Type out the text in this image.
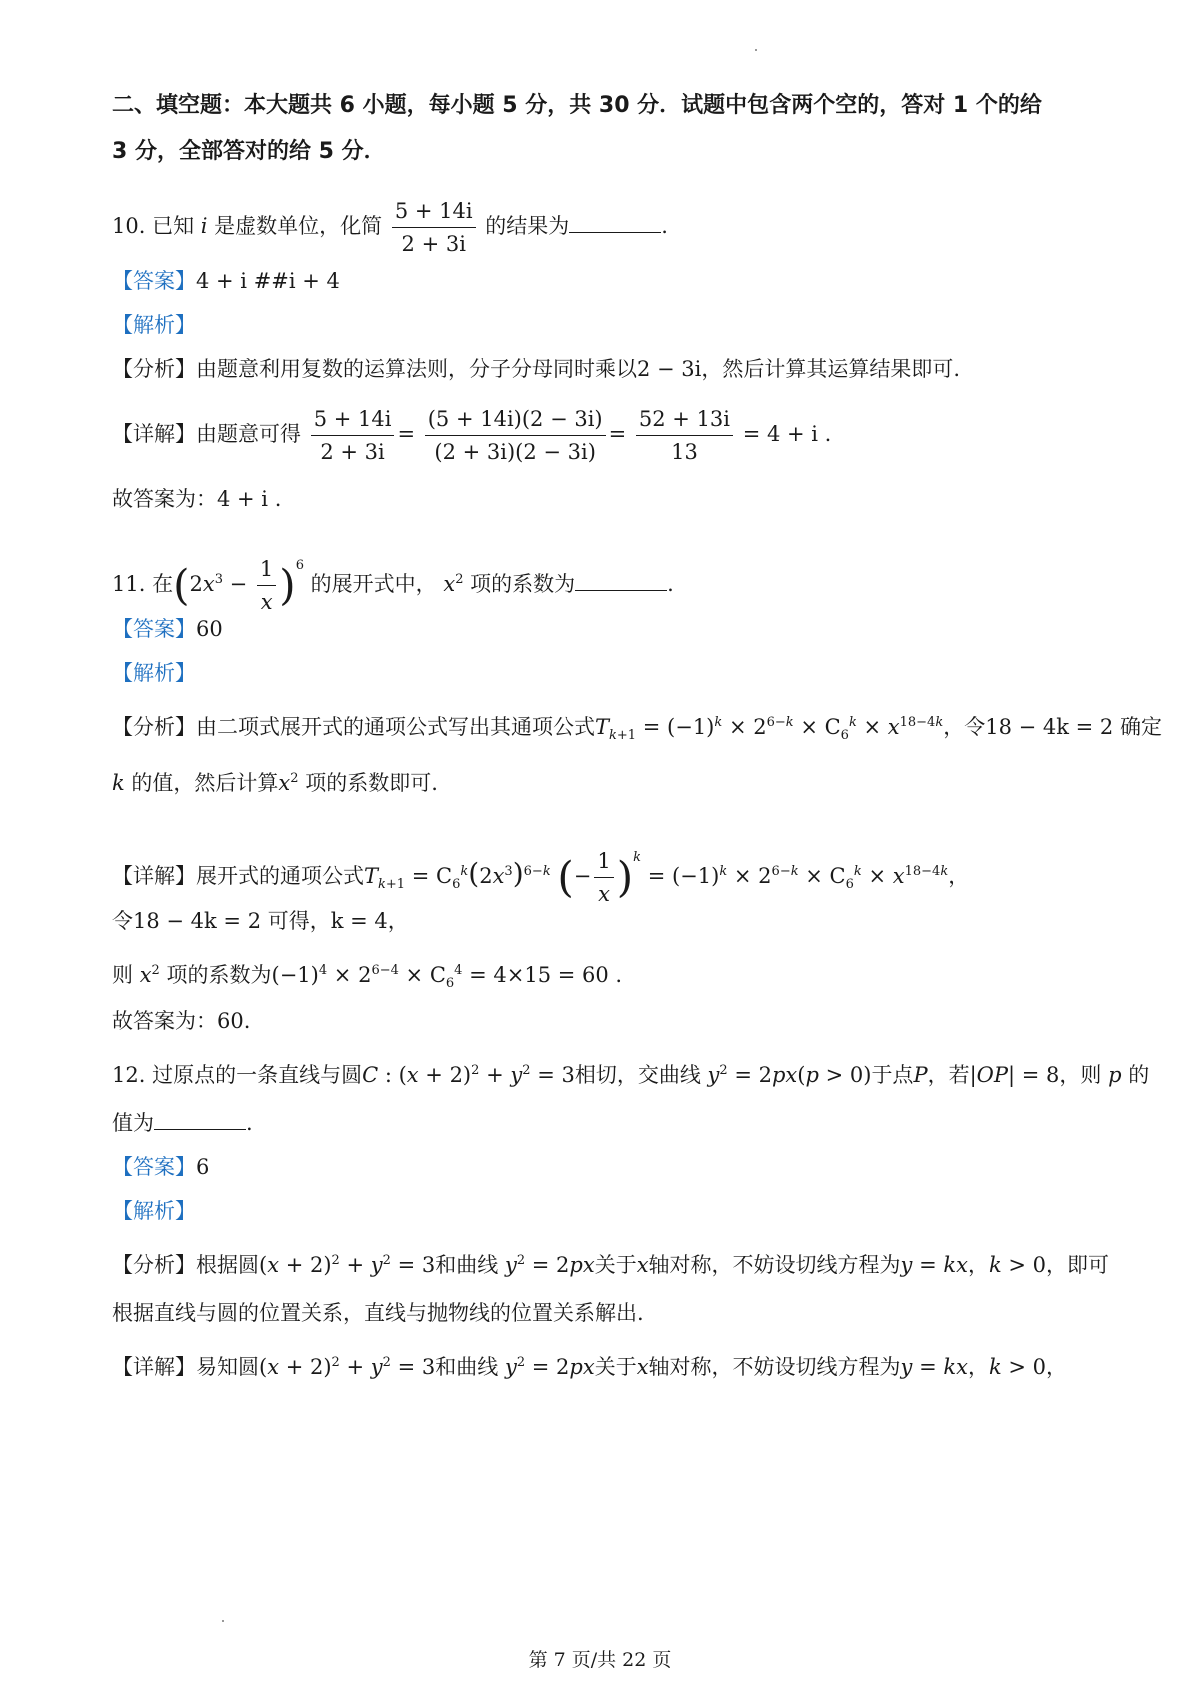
二、填空题：本大题共 6 小题，每小题 5 分，共 30 分．试题中包含两个空的，答对 1 个的给
3 分，全部答对的给 5 分．
10. 已知 i 是虚数单位，化简 $\frac{5 + 14i}{2 + 3i}$ 的结果为	.
【答案】4 + i ##i + 4
【解析】
【分析】由题意利用复数的运算法则，分子分母同时乘以2 − 3i，然后计算其运算结果即可.
【详解】由题意可得 $\frac{5 + 14i}{2 + 3i} = \frac{(5 + 14i)(2 - 3i)}{(2 + 3i)(2 - 3i)} = \frac{52 + 13i}{13} = 4 + i$ .
故答案为：4 + i .
11. 在$(2x^3 - \frac{1}{x} )^6$ 的展开式中， $x^2$ 项的系数为	.
【答案】60
【解析】
【分析】由二项式展开式的通项公式写出其通项公式$T_{k+1} = (-1)^k \times 2^{6-k} \times C_6^k \times x^{18-4k}$，令18 − 4k = 2 确定
k 的值，然后计算$x^2$ 项的系数即可.
【详解】展开式的通项公式$T_{k+1} = C_6^k(2x^3)^{6-k}$ (− $\frac{1}{x} )^k = (-1)^k \times 2^{6-k} \times C_6^k \times x^{18-4k}$，
令18 − 4k = 2 可得，k = 4，
则 $x^2$ 项的系数为$(-1)^4 \times 2^{6-4} \times C_6^4 = 4\times 15 = 60$ .
故答案为：60.
12. 过原点的一条直线与圆C : $(x + 2)^2 + y^2 = 3$相切，交曲线 $y^2 = 2px(p > 0)$于点P，若|OP| = 8，则 p 的
值为	.
【答案】6
【解析】
【分析】根据圆$(x + 2)^2 + y^2 = 3$和曲线 $y^2 = 2px$关于x轴对称，不妨设切线方程为y = kx，k > 0，即可
根据直线与圆的位置关系，直线与抛物线的位置关系解出.
【详解】易知圆$(x + 2)^2 + y^2 = 3$和曲线 $y^2 = 2px$关于x轴对称，不妨设切线方程为y = kx，k > 0，
第 7 页/共 22 页
